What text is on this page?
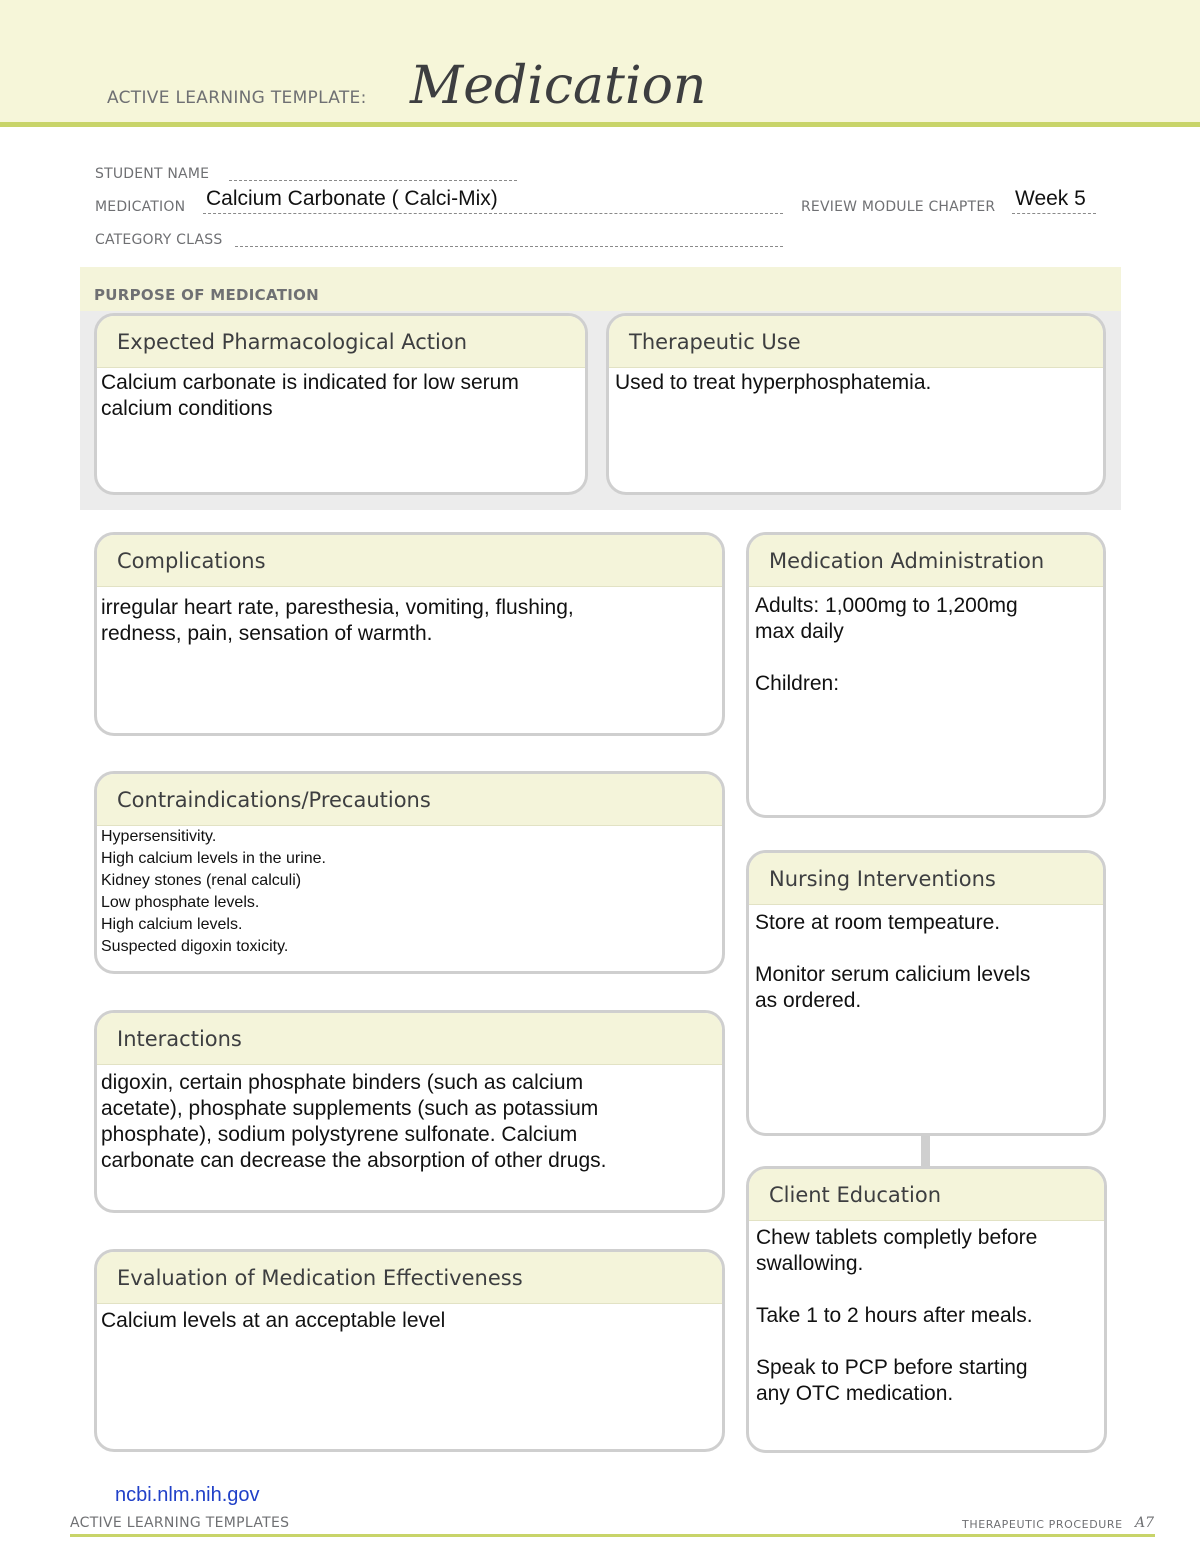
ACTIVE LEARNING TEMPLATE: Medication
STUDENT NAME
MEDICATION Calcium Carbonate ( Calci-Mix)	REVIEW MODULE CHAPTER Week 5
CATEGORY CLASS
PURPOSE OF MEDICATION
Expected Pharmacological Action

Calcium carbonate is indicated for low serum

calcium conditions

Therapeutic Use

Used to treat hyperphosphatemia.

Complications

irregular heart rate, paresthesia, vomiting, flushing,

redness, pain, sensation of warmth.

Contraindications/Precautions

Hypersensitivity.

High calcium levels in the urine.

Kidney stones (renal calculi)

Low phosphate levels.

High calcium levels.

Suspected digoxin toxicity.

Interactions

digoxin, certain phosphate binders (such as calcium

acetate), phosphate supplements (such as potassium

phosphate), sodium polystyrene sulfonate. Calcium

carbonate can decrease the absorption of other drugs.

Evaluation of Medication Effectiveness

Calcium levels at an acceptable level

Medication Administration

Adults: 1,000mg to 1,200mg

max daily

Children:

Nursing Interventions

Store at room tempeature.

Monitor serum calicium levels

as ordered.

Client Education

Chew tablets completly before

swallowing.

Take 1 to 2 hours after meals.

Speak to PCP before starting

any OTC medication.

ncbi.nlm.nih.gov
ACTIVE LEARNING TEMPLATES	THERAPEUTIC PROCEDURE A7
